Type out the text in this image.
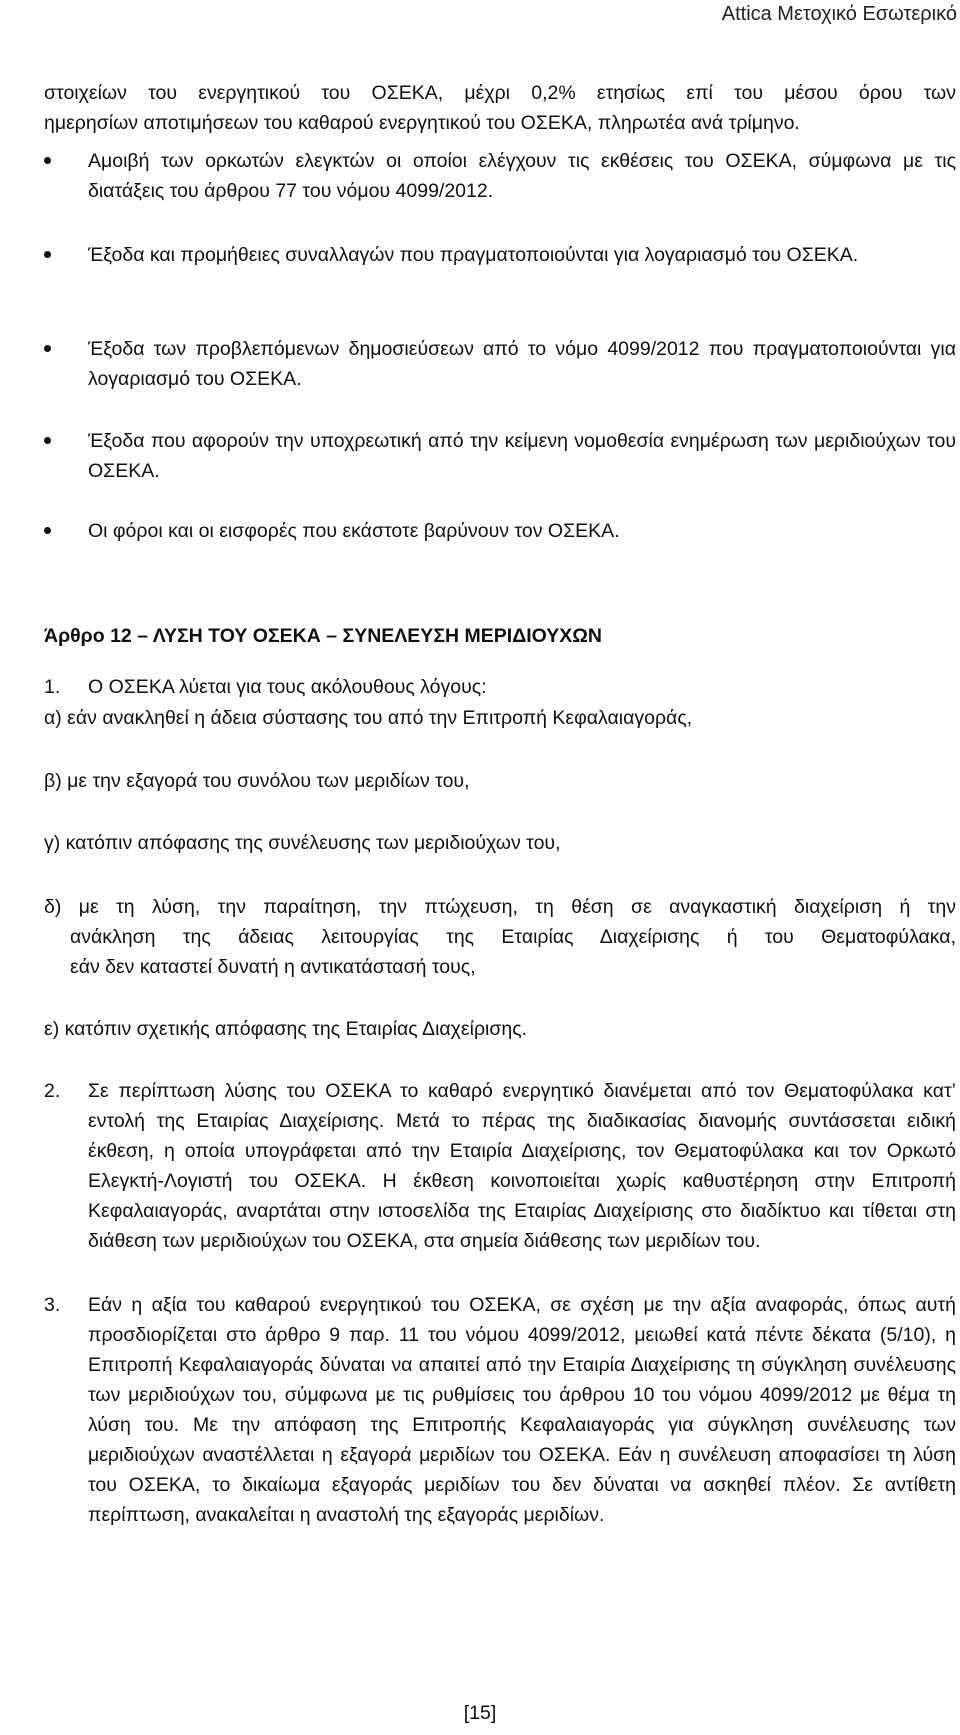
Attica Μετοχικό Εσωτερικό
στοιχείων του ενεργητικού του ΟΣΕΚΑ, μέχρι 0,2% ετησίως επί του μέσου όρου των
ημερησίων αποτιμήσεων του καθαρού ενεργητικού του ΟΣΕΚΑ, πληρωτέα ανά τρίμηνο.
Αμοιβή των ορκωτών ελεγκτών οι οποίοι ελέγχουν τις εκθέσεις του ΟΣΕΚΑ, σύμφωνα με τις διατάξεις του άρθρου 77 του νόμου 4099/2012.
Έξοδα και προμήθειες συναλλαγών που πραγματοποιούνται για λογαριασμό του ΟΣΕΚΑ.
Έξοδα των προβλεπόμενων δημοσιεύσεων από το νόμο 4099/2012 που πραγματοποιούνται για λογαριασμό του ΟΣΕΚΑ.
Έξοδα που αφορούν την υποχρεωτική από την κείμενη νομοθεσία ενημέρωση των μεριδιούχων του ΟΣΕΚΑ.
Οι φόροι και οι εισφορές που εκάστοτε βαρύνουν τον ΟΣΕΚΑ.
Άρθρο 12 – ΛΥΣΗ ΤΟΥ ΟΣΕΚΑ – ΣΥΝΕΛΕΥΣΗ ΜΕΡΙΔΙΟΥΧΩΝ
1. Ο ΟΣΕΚΑ λύεται για τους ακόλουθους λόγους:
α) εάν ανακληθεί η άδεια σύστασης του από την Επιτροπή Κεφαλαιαγοράς,
β) με την εξαγορά του συνόλου των μεριδίων του,
γ) κατόπιν απόφασης της συνέλευσης των μεριδιούχων του,
δ) με τη λύση, την παραίτηση, την πτώχευση, τη θέση σε αναγκαστική διαχείριση ή την
ανάκληση της άδειας λειτουργίας της Εταιρίας Διαχείρισης ή του Θεματοφύλακα,
εάν δεν καταστεί δυνατή η αντικατάστασή τους,
ε) κατόπιν σχετικής απόφασης της Εταιρίας Διαχείρισης.
2. Σε περίπτωση λύσης του ΟΣΕΚΑ το καθαρό ενεργητικό διανέμεται από τον Θεματοφύλακα κατ’ εντολή της Εταιρίας Διαχείρισης. Μετά το πέρας της διαδικασίας διανομής συντάσσεται ειδική έκθεση, η οποία υπογράφεται από την Εταιρία Διαχείρισης, τον Θεματοφύλακα και τον Ορκωτό Ελεγκτή-Λογιστή του ΟΣΕΚΑ. Η έκθεση κοινοποιείται χωρίς καθυστέρηση στην Επιτροπή Κεφαλαιαγοράς, αναρτάται στην ιστοσελίδα της Εταιρίας Διαχείρισης στο διαδίκτυο και τίθεται στη διάθεση των μεριδιούχων του ΟΣΕΚΑ, στα σημεία διάθεσης των μεριδίων του.
3. Εάν η αξία του καθαρού ενεργητικού του ΟΣΕΚΑ, σε σχέση με την αξία αναφοράς, όπως αυτή προσδιορίζεται στο άρθρο 9 παρ. 11 του νόμου 4099/2012, μειωθεί κατά πέντε δέκατα (5/10), η Επιτροπή Κεφαλαιαγοράς δύναται να απαιτεί από την Εταιρία Διαχείρισης τη σύγκληση συνέλευσης των μεριδιούχων του, σύμφωνα με τις ρυθμίσεις του άρθρου 10 του νόμου 4099/2012 με θέμα τη λύση του. Με την απόφαση της Επιτροπής Κεφαλαιαγοράς για σύγκληση συνέλευσης των μεριδιούχων αναστέλλεται η εξαγορά μεριδίων του ΟΣΕΚΑ. Εάν η συνέλευση αποφασίσει τη λύση του ΟΣΕΚΑ, το δικαίωμα εξαγοράς μεριδίων του δεν δύναται να ασκηθεί πλέον. Σε αντίθετη περίπτωση, ανακαλείται η αναστολή της εξαγοράς μεριδίων.
[15]
